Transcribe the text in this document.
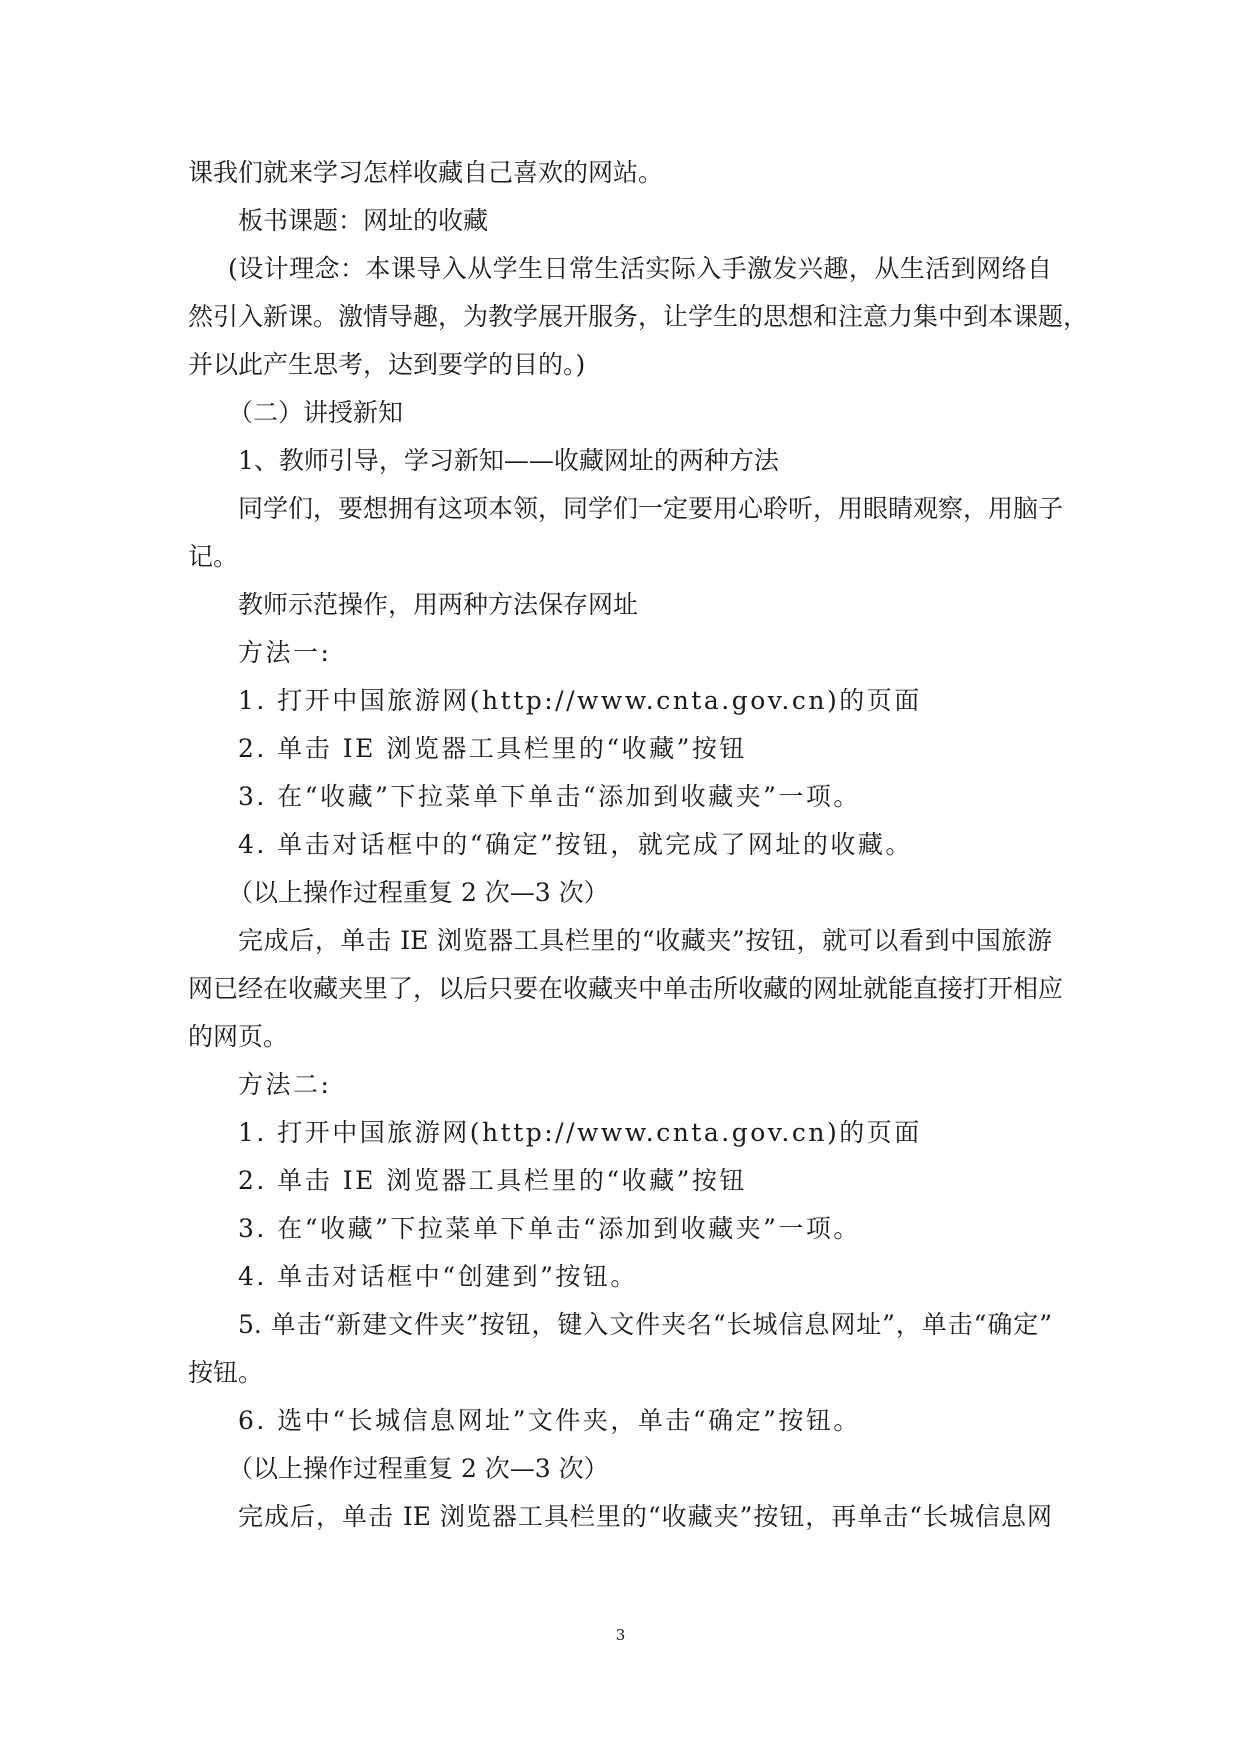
课我们就来学习怎样收藏自己喜欢的网站。
板书课题：网址的收藏
(设计理念：本课导入从学生日常生活实际入手激发兴趣，从生活到网络自
然引入新课。激情导趣，为教学展开服务，让学生的思想和注意力集中到本课题，
并以此产生思考，达到要学的目的。)
（二）讲授新知
1、教师引导，学习新知——收藏网址的两种方法
同学们，要想拥有这项本领，同学们一定要用心聆听，用眼睛观察，用脑子
记。
教师示范操作，用两种方法保存网址
方法一:
1. 打开中国旅游网(http://www.cnta.gov.cn)的页面
2. 单击 IE 浏览器工具栏里的“收藏”按钮
3. 在“收藏”下拉菜单下单击“添加到收藏夹”一项。
4. 单击对话框中的“确定”按钮，就完成了网址的收藏。
（以上操作过程重复 2 次—3 次）
完成后，单击 IE 浏览器工具栏里的“收藏夹”按钮，就可以看到中国旅游
网已经在收藏夹里了，以后只要在收藏夹中单击所收藏的网址就能直接打开相应
的网页。
方法二:
1. 打开中国旅游网(http://www.cnta.gov.cn)的页面
2. 单击 IE 浏览器工具栏里的“收藏”按钮
3. 在“收藏”下拉菜单下单击“添加到收藏夹”一项。
4. 单击对话框中“创建到”按钮。
5. 单击“新建文件夹”按钮，键入文件夹名“长城信息网址”，单击“确定”
按钮。
6. 选中“长城信息网址”文件夹，单击“确定”按钮。
（以上操作过程重复 2 次—3 次）
完成后，单击 IE 浏览器工具栏里的“收藏夹”按钮，再单击“长城信息网
3
